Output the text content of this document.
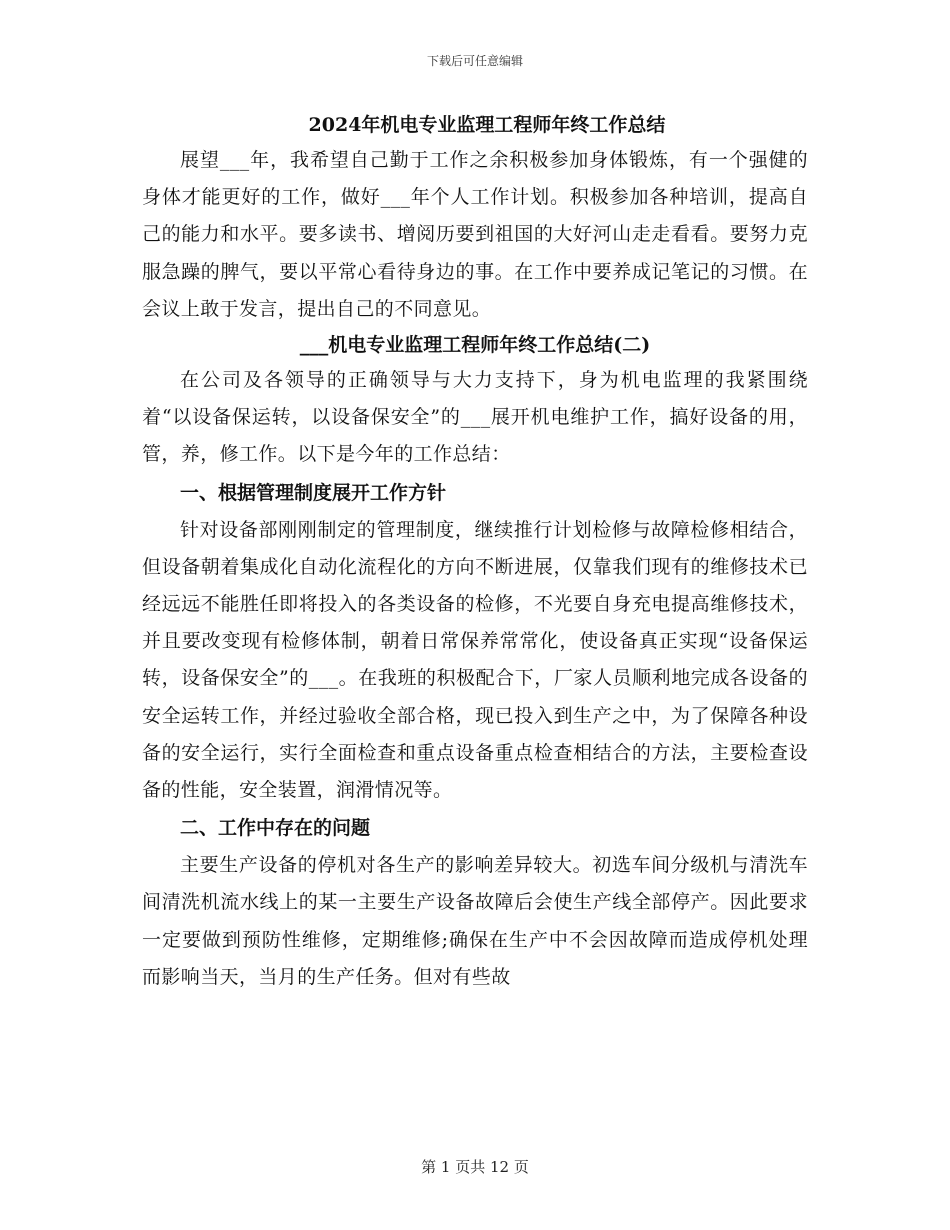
下载后可任意编辑
2024年机电专业监理工程师年终工作总结

展望___年，我希望自己勤于工作之余积极参加身体锻炼，有一个强健的身体才能更好的工作，做好___年个人工作计划。积极参加各种培训，提高自己的能力和水平。要多读书、增阅历要到祖国的大好河山走走看看。要努力克服急躁的脾气，要以平常心看待身边的事。在工作中要养成记笔记的习惯。在会议上敢于发言，提出自己的不同意见。

___机电专业监理工程师年终工作总结(二)

在公司及各领导的正确领导与大力支持下，身为机电监理的我紧围绕着“以设备保运转，以设备保安全”的___展开机电维护工作，搞好设备的用，管，养，修工作。以下是今年的工作总结：

一、根据管理制度展开工作方针

针对设备部刚刚制定的管理制度，继续推行计划检修与故障检修相结合，但设备朝着集成化自动化流程化的方向不断进展，仅靠我们现有的维修技术已经远远不能胜任即将投入的各类设备的检修，不光要自身充电提高维修技术，并且要改变现有检修体制，朝着日常保养常常化，使设备真正实现“设备保运转，设备保安全”的___。在我班的积极配合下，厂家人员顺利地完成各设备的安全运转工作，并经过验收全部合格，现已投入到生产之中，为了保障各种设备的安全运行，实行全面检查和重点设备重点检查相结合的方法，主要检查设备的性能，安全装置，润滑情况等。

二、工作中存在的问题

主要生产设备的停机对各生产的影响差异较大。初选车间分级机与清洗车间清洗机流水线上的某一主要生产设备故障后会使生产线全部停产。因此要求一定要做到预防性维修，定期维修;确保在生产中不会因故障而造成停机处理而影响当天，当月的生产任务。但对有些故

第 1 页共 12 页
